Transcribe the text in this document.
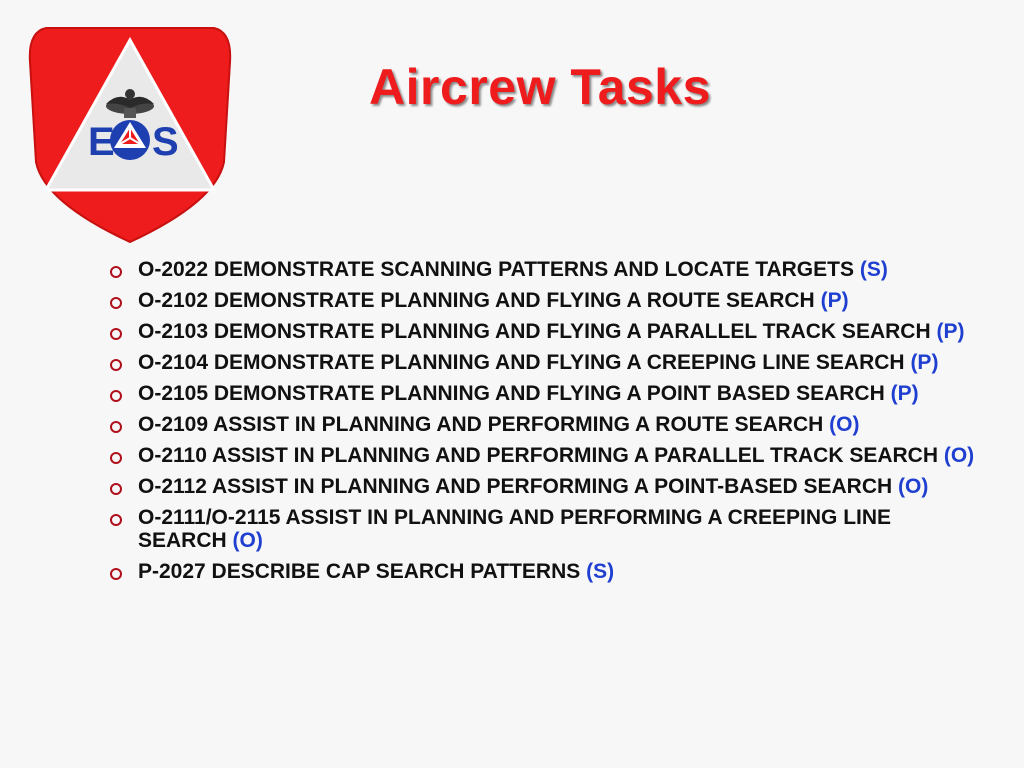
E S
Aircrew Tasks
O-2022 DEMONSTRATE SCANNING PATTERNS AND LOCATE TARGETS (S)
O-2102 DEMONSTRATE PLANNING AND FLYING A ROUTE SEARCH (P)
O-2103 DEMONSTRATE PLANNING AND FLYING A PARALLEL TRACK SEARCH (P)
O-2104 DEMONSTRATE PLANNING AND FLYING A CREEPING LINE SEARCH (P)
O-2105 DEMONSTRATE PLANNING AND FLYING A POINT BASED SEARCH (P)
O-2109 ASSIST IN PLANNING AND PERFORMING A ROUTE SEARCH (O)
O-2110 ASSIST IN PLANNING AND PERFORMING A PARALLEL TRACK SEARCH (O)
O-2112 ASSIST IN PLANNING AND PERFORMING A POINT-BASED SEARCH (O)
O-2111/O-2115 ASSIST IN PLANNING AND PERFORMING A CREEPING LINE SEARCH (O)
P-2027 DESCRIBE CAP SEARCH PATTERNS (S)
